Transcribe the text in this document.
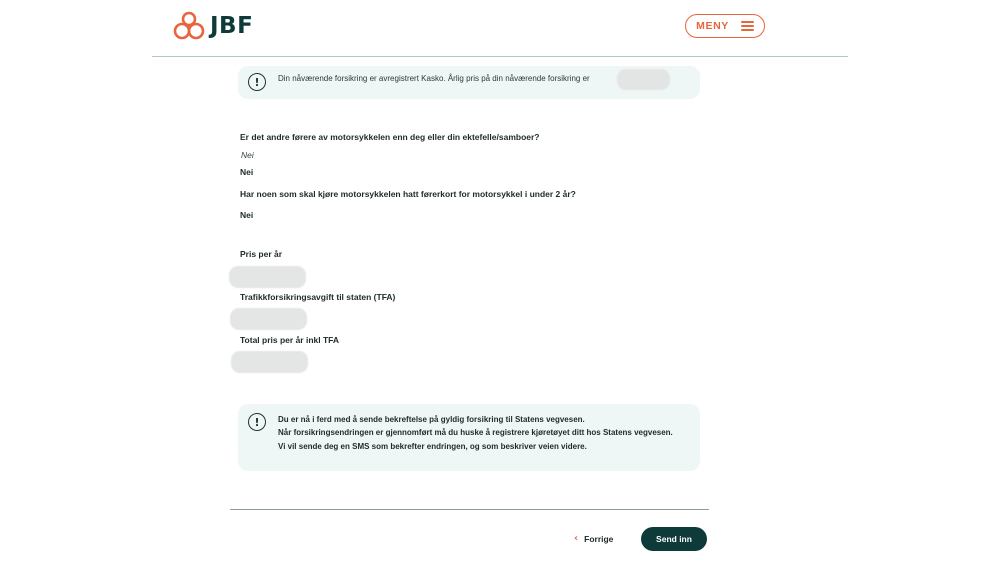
JBF	MENY
!	Din nåværende forsikring er avregistrert Kasko. Årlig pris på din nåværende forsikring er
Er det andre førere av motorsykkelen enn deg eller din ektefelle/samboer?
Nei
Nei
Har noen som skal kjøre motorsykkelen hatt førerkort for motorsykkel i under 2 år?
Nei
Pris per år
Trafikkforsikringsavgift til staten (TFA)
Total pris per år inkl TFA
!	Du er nå i ferd med å sende bekreftelse på gyldig forsikring til Statens vegvesen.
Når forsikringsendringen er gjennomført må du huske å registrere kjøretøyet ditt hos Statens vegvesen.
Vi vil sende deg en SMS som bekrefter endringen, og som beskriver veien videre.
‹ Forrige	Send inn
